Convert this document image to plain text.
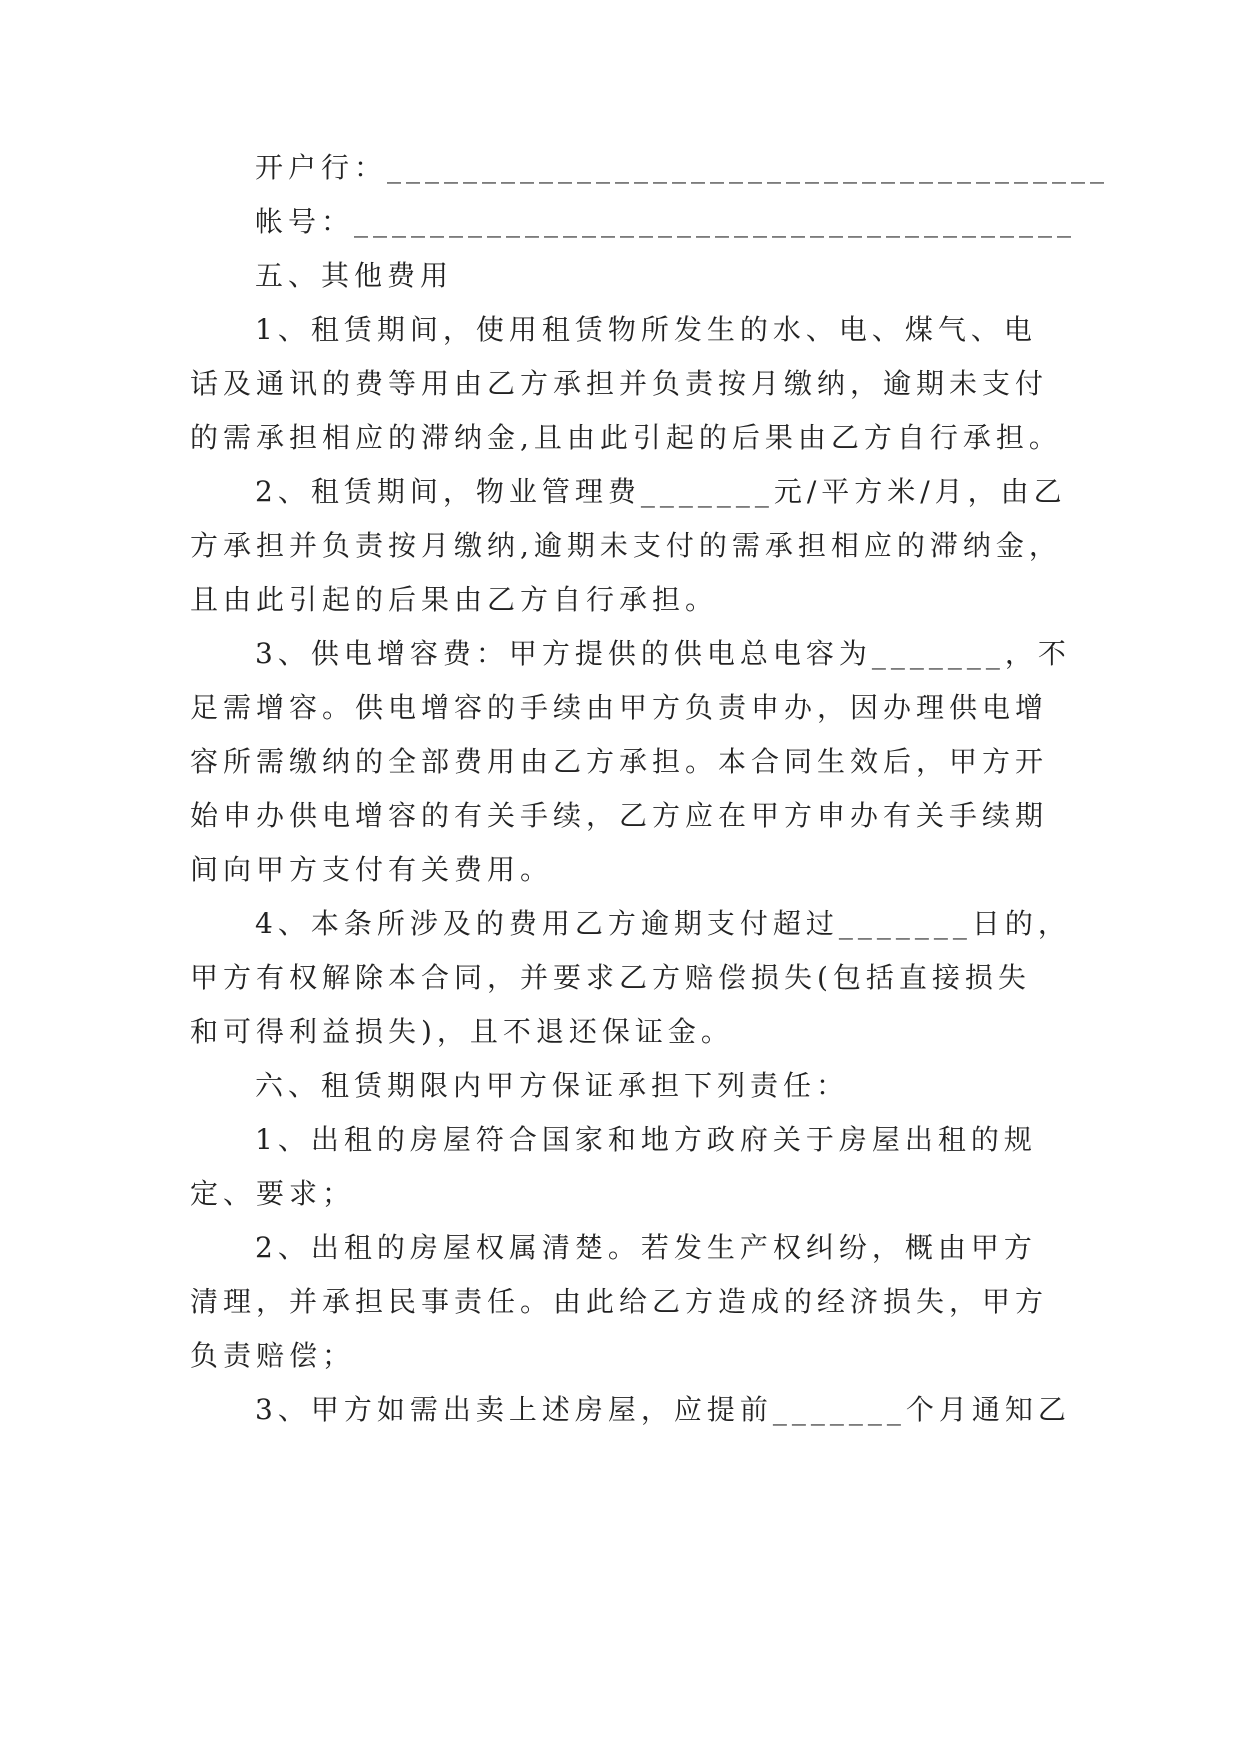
开户行：______________________________________
帐号：______________________________________
五、其他费用
1、租赁期间，使用租赁物所发生的水、电、煤气、电
话及通讯的费等用由乙方承担并负责按月缴纳，逾期未支付
的需承担相应的滞纳金,且由此引起的后果由乙方自行承担。
2、租赁期间，物业管理费_______元/平方米/月，由乙
方承担并负责按月缴纳,逾期未支付的需承担相应的滞纳金，
且由此引起的后果由乙方自行承担。
3、供电增容费：甲方提供的供电总电容为_______，不
足需增容。供电增容的手续由甲方负责申办，因办理供电增
容所需缴纳的全部费用由乙方承担。本合同生效后，甲方开
始申办供电增容的有关手续，乙方应在甲方申办有关手续期
间向甲方支付有关费用。
4、本条所涉及的费用乙方逾期支付超过_______日的，
甲方有权解除本合同，并要求乙方赔偿损失(包括直接损失
和可得利益损失)，且不退还保证金。
六、租赁期限内甲方保证承担下列责任：
1、出租的房屋符合国家和地方政府关于房屋出租的规
定、要求；
2、出租的房屋权属清楚。若发生产权纠纷，概由甲方
清理，并承担民事责任。由此给乙方造成的经济损失，甲方
负责赔偿；
3、甲方如需出卖上述房屋，应提前_______个月通知乙
